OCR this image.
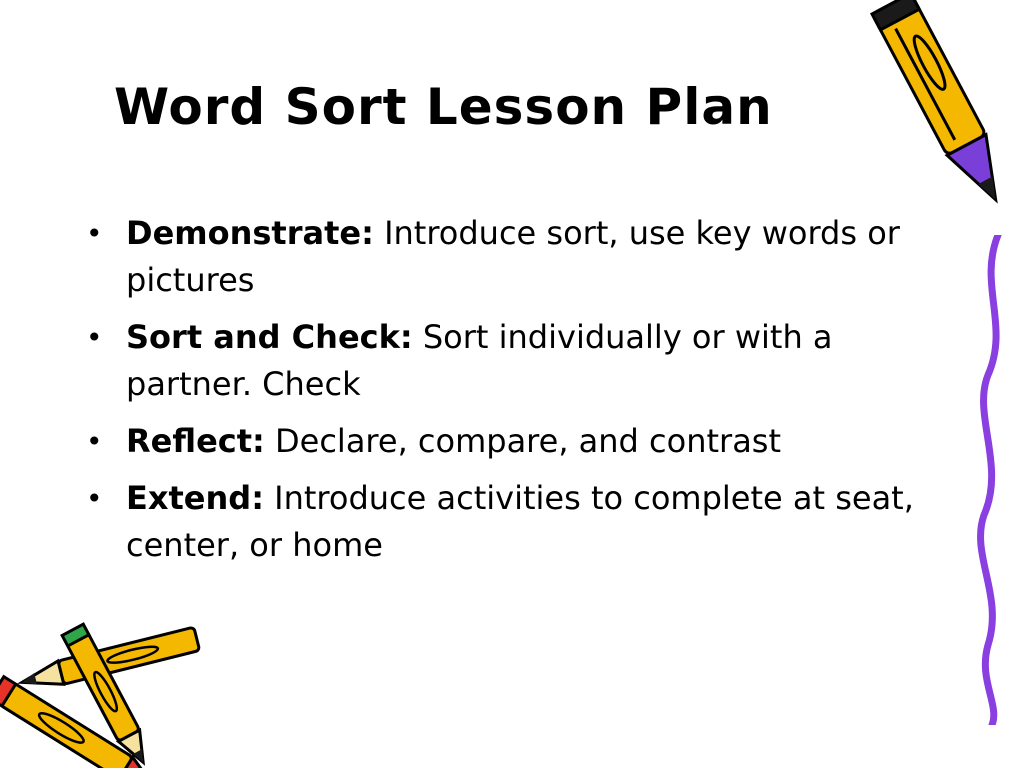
Word Sort Lesson Plan
• Demonstrate: Introduce sort, use key words or pictures
• Sort and Check: Sort individually or with a partner. Check
• Reflect: Declare, compare, and contrast
• Extend: Introduce activities to complete at seat, center, or home
